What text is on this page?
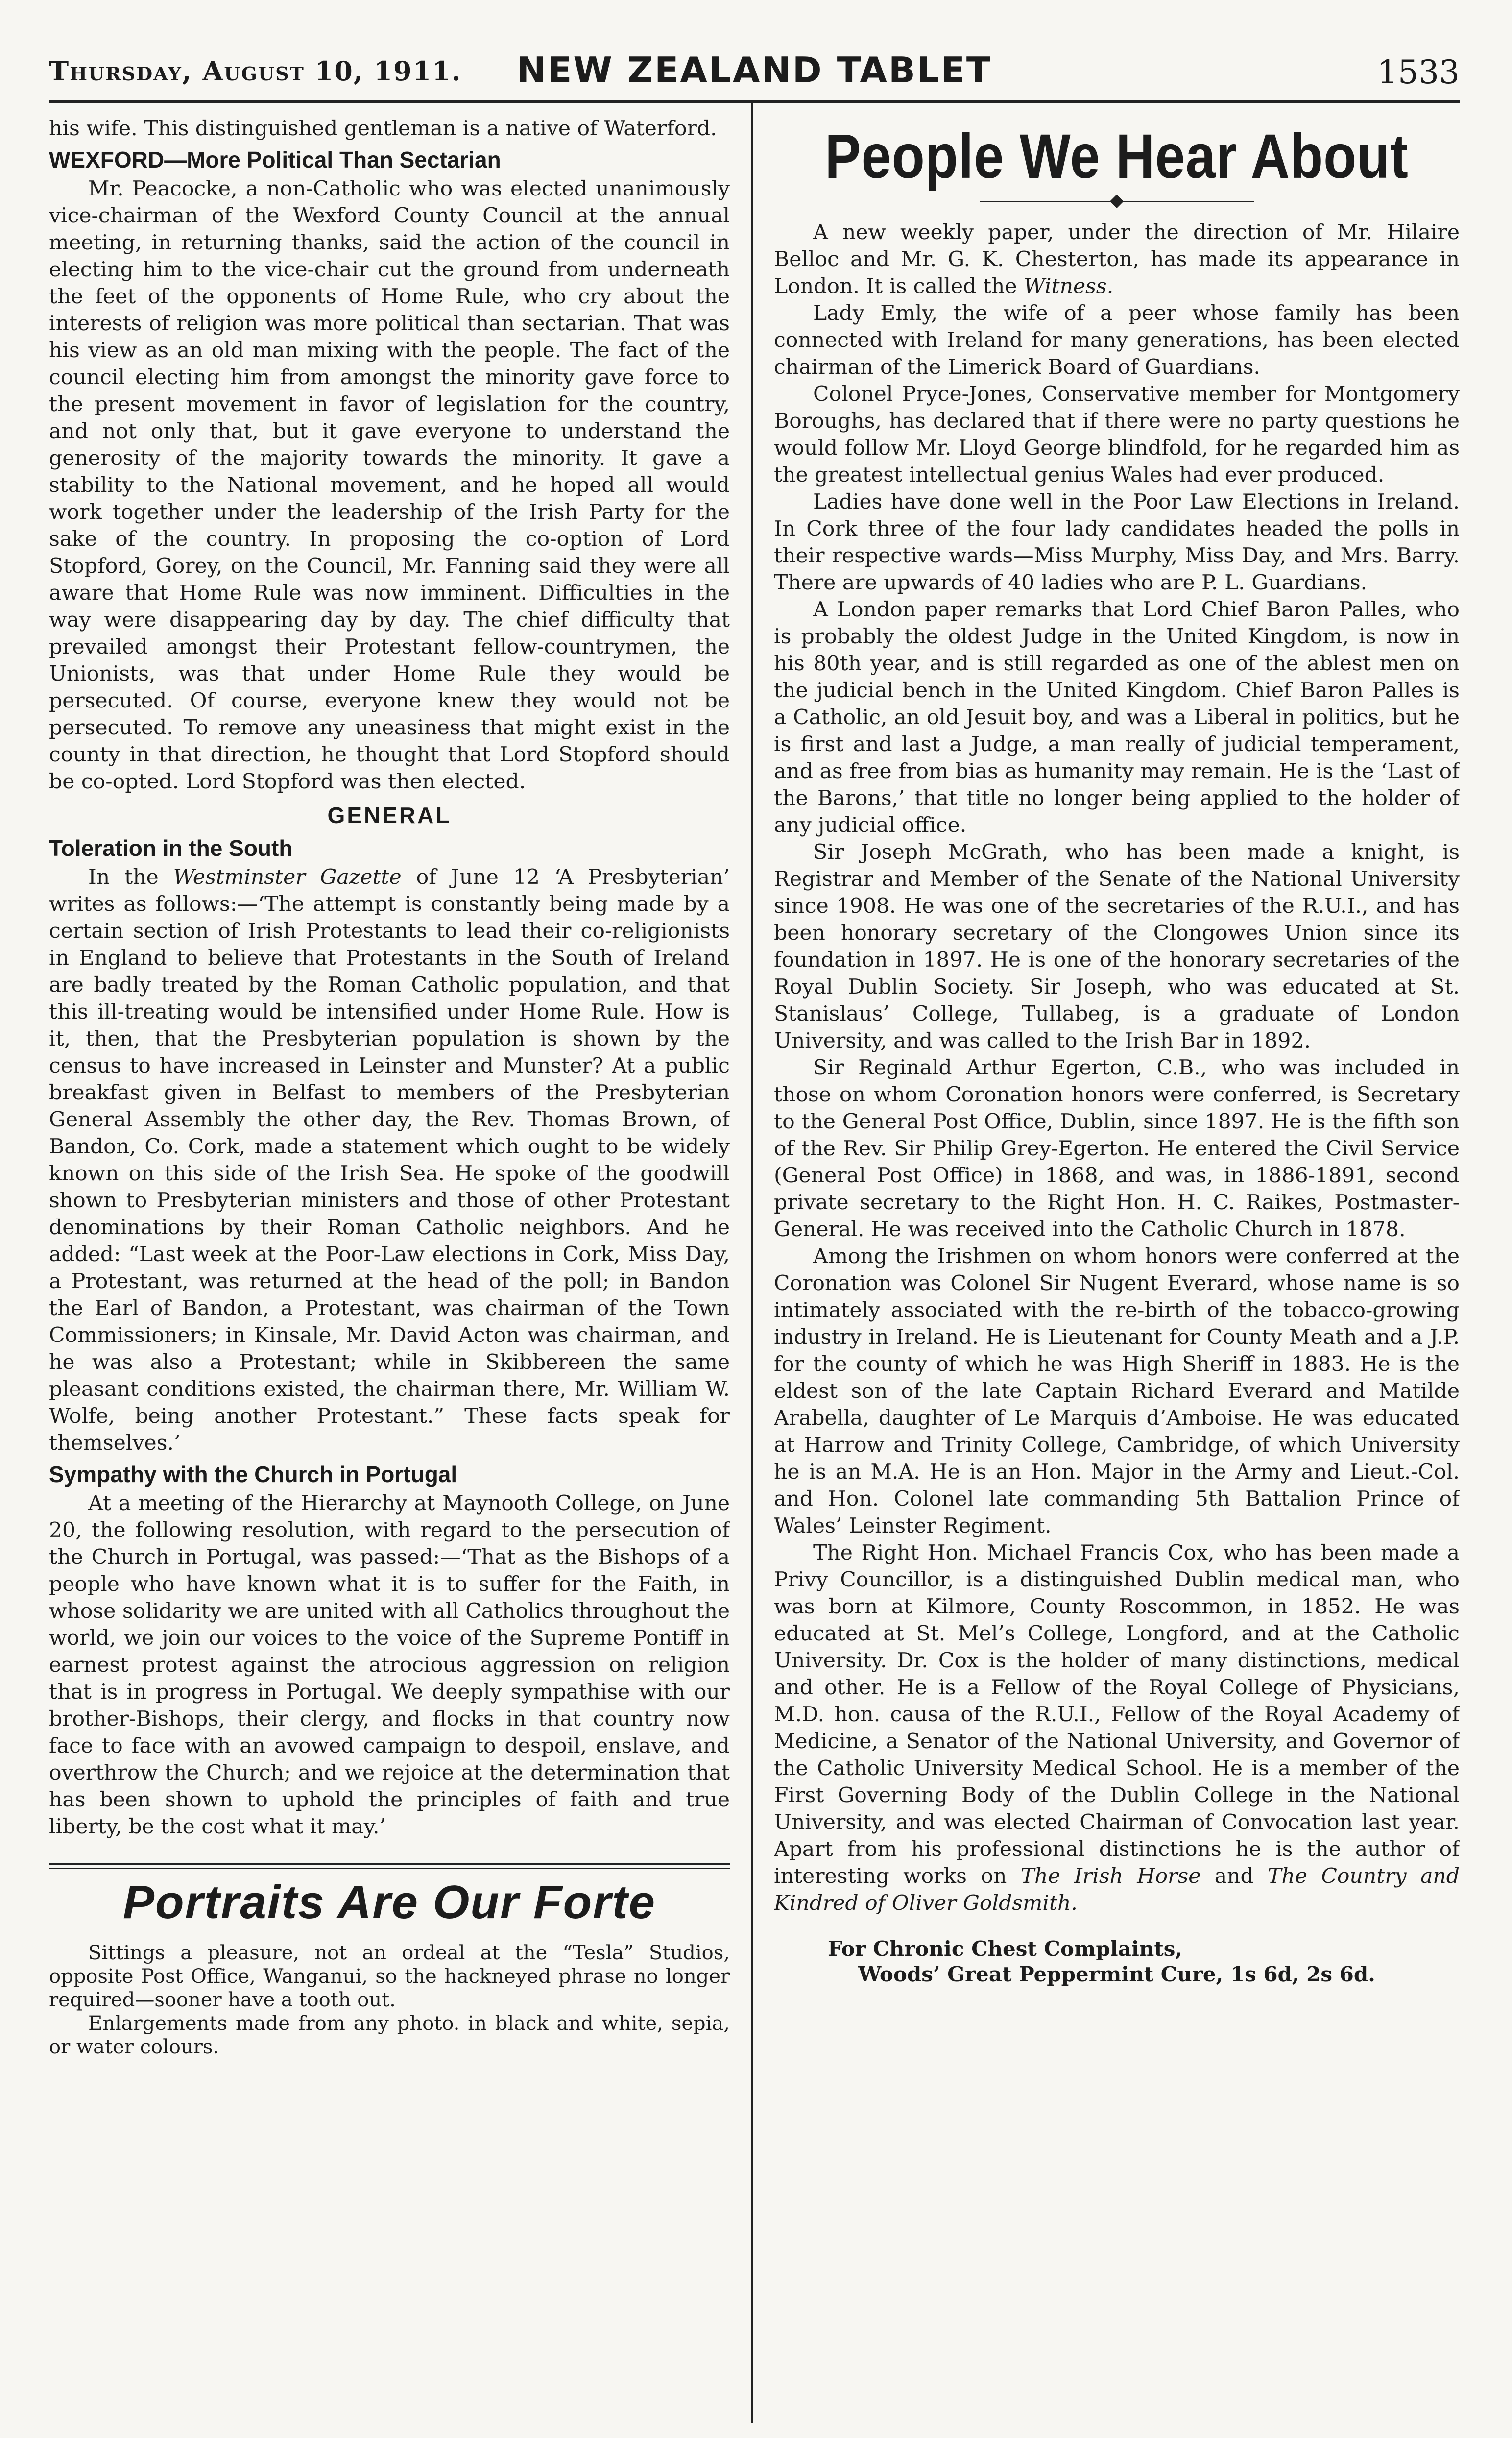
Thursday, August 10, 1911.	NEW ZEALAND TABLET	1533

his wife. This distinguished gentleman is a native of Waterford.

WEXFORD—More Political Than Sectarian

Mr. Peacocke, a non-Catholic who was elected unanimously vice-chairman of the Wexford County Council at the annual meeting, in returning thanks, said the action of the council in electing him to the vice-chair cut the ground from underneath the feet of the opponents of Home Rule, who cry about the interests of religion was more political than sectarian. That was his view as an old man mixing with the people. The fact of the council electing him from amongst the minority gave force to the present movement in favor of legislation for the country, and not only that, but it gave everyone to understand the generosity of the majority towards the minority. It gave a stability to the National movement, and he hoped all would work together under the leadership of the Irish Party for the sake of the country. In proposing the co-option of Lord Stopford, Gorey, on the Council, Mr. Fanning said they were all aware that Home Rule was now imminent. Difficulties in the way were disappearing day by day. The chief difficulty that prevailed amongst their Protestant fellow-countrymen, the Unionists, was that under Home Rule they would be persecuted. Of course, everyone knew they would not be persecuted. To remove any uneasiness that might exist in the county in that direction, he thought that Lord Stopford should be co-opted. Lord Stopford was then elected.

GENERAL
Toleration in the South

In the Westminster Gazette of June 12 ‘A Presbyterian’ writes as follows:—‘The attempt is constantly being made by a certain section of Irish Protestants to lead their co-religionists in England to believe that Protestants in the South of Ireland are badly treated by the Roman Catholic population, and that this ill-treating would be intensified under Home Rule. How is it, then, that the Presbyterian population is shown by the census to have increased in Leinster and Munster? At a public breakfast given in Belfast to members of the Presbyterian General Assembly the other day, the Rev. Thomas Brown, of Bandon, Co. Cork, made a statement which ought to be widely known on this side of the Irish Sea. He spoke of the goodwill shown to Presbyterian ministers and those of other Protestant denominations by their Roman Catholic neighbors. And he added: “Last week at the Poor-Law elections in Cork, Miss Day, a Protestant, was returned at the head of the poll; in Bandon the Earl of Bandon, a Protestant, was chairman of the Town Commissioners; in Kinsale, Mr. David Acton was chairman, and he was also a Protestant; while in Skibbereen the same pleasant conditions existed, the chairman there, Mr. William W. Wolfe, being another Protestant.” These facts speak for themselves.’

Sympathy with the Church in Portugal

At a meeting of the Hierarchy at Maynooth College, on June 20, the following resolution, with regard to the persecution of the Church in Portugal, was passed:—‘That as the Bishops of a people who have known what it is to suffer for the Faith, in whose solidarity we are united with all Catholics throughout the world, we join our voices to the voice of the Supreme Pontiff in earnest protest against the atrocious aggression on religion that is in progress in Portugal. We deeply sympathise with our brother-Bishops, their clergy, and flocks in that country now face to face with an avowed campaign to despoil, enslave, and overthrow the Church; and we rejoice at the determination that has been shown to uphold the principles of faith and true liberty, be the cost what it may.’

Portraits Are Our Forte

Sittings a pleasure, not an ordeal at the “Tesla” Studios, opposite Post Office, Wanganui, so the hackneyed phrase no longer required—sooner have a tooth out.

Enlargements made from any photo. in black and white, sepia, or water colours.

People We Hear About

A new weekly paper, under the direction of Mr. Hilaire Belloc and Mr. G. K. Chesterton, has made its appearance in London. It is called the Witness.

Lady Emly, the wife of a peer whose family has been connected with Ireland for many generations, has been elected chairman of the Limerick Board of Guardians.

Colonel Pryce-Jones, Conservative member for Montgomery Boroughs, has declared that if there were no party questions he would follow Mr. Lloyd George blindfold, for he regarded him as the greatest intellectual genius Wales had ever produced.

Ladies have done well in the Poor Law Elections in Ireland. In Cork three of the four lady candidates headed the polls in their respective wards—Miss Murphy, Miss Day, and Mrs. Barry. There are upwards of 40 ladies who are P. L. Guardians.

A London paper remarks that Lord Chief Baron Palles, who is probably the oldest Judge in the United Kingdom, is now in his 80th year, and is still regarded as one of the ablest men on the judicial bench in the United Kingdom. Chief Baron Palles is a Catholic, an old Jesuit boy, and was a Liberal in politics, but he is first and last a Judge, a man really of judicial temperament, and as free from bias as humanity may remain. He is the ‘Last of the Barons,’ that title no longer being applied to the holder of any judicial office.

Sir Joseph McGrath, who has been made a knight, is Registrar and Member of the Senate of the National University since 1908. He was one of the secretaries of the R.U.I., and has been honorary secretary of the Clongowes Union since its foundation in 1897. He is one of the honorary secretaries of the Royal Dublin Society. Sir Joseph, who was educated at St. Stanislaus’ College, Tullabeg, is a graduate of London University, and was called to the Irish Bar in 1892.

Sir Reginald Arthur Egerton, C.B., who was included in those on whom Coronation honors were conferred, is Secretary to the General Post Office, Dublin, since 1897. He is the fifth son of the Rev. Sir Philip Grey-Egerton. He entered the Civil Service (General Post Office) in 1868, and was, in 1886-1891, second private secretary to the Right Hon. H. C. Raikes, Postmaster-General. He was received into the Catholic Church in 1878.

Among the Irishmen on whom honors were conferred at the Coronation was Colonel Sir Nugent Everard, whose name is so intimately associated with the re-birth of the tobacco-growing industry in Ireland. He is Lieutenant for County Meath and a J.P. for the county of which he was High Sheriff in 1883. He is the eldest son of the late Captain Richard Everard and Matilde Arabella, daughter of Le Marquis d’Amboise. He was educated at Harrow and Trinity College, Cambridge, of which University he is an M.A. He is an Hon. Major in the Army and Lieut.-Col. and Hon. Colonel late commanding 5th Battalion Prince of Wales’ Leinster Regiment.

The Right Hon. Michael Francis Cox, who has been made a Privy Councillor, is a distinguished Dublin medical man, who was born at Kilmore, County Roscommon, in 1852. He was educated at St. Mel’s College, Longford, and at the Catholic University. Dr. Cox is the holder of many distinctions, medical and other. He is a Fellow of the Royal College of Physicians, M.D. hon. causa of the R.U.I., Fellow of the Royal Academy of Medicine, a Senator of the National University, and Governor of the Catholic University Medical School. He is a member of the First Governing Body of the Dublin College in the National University, and was elected Chairman of Convocation last year. Apart from his professional distinctions he is the author of interesting works on The Irish Horse and The Country and Kindred of Oliver Goldsmith.

For Chronic Chest Complaints,
Woods’ Great Peppermint Cure, 1s 6d, 2s 6d.
